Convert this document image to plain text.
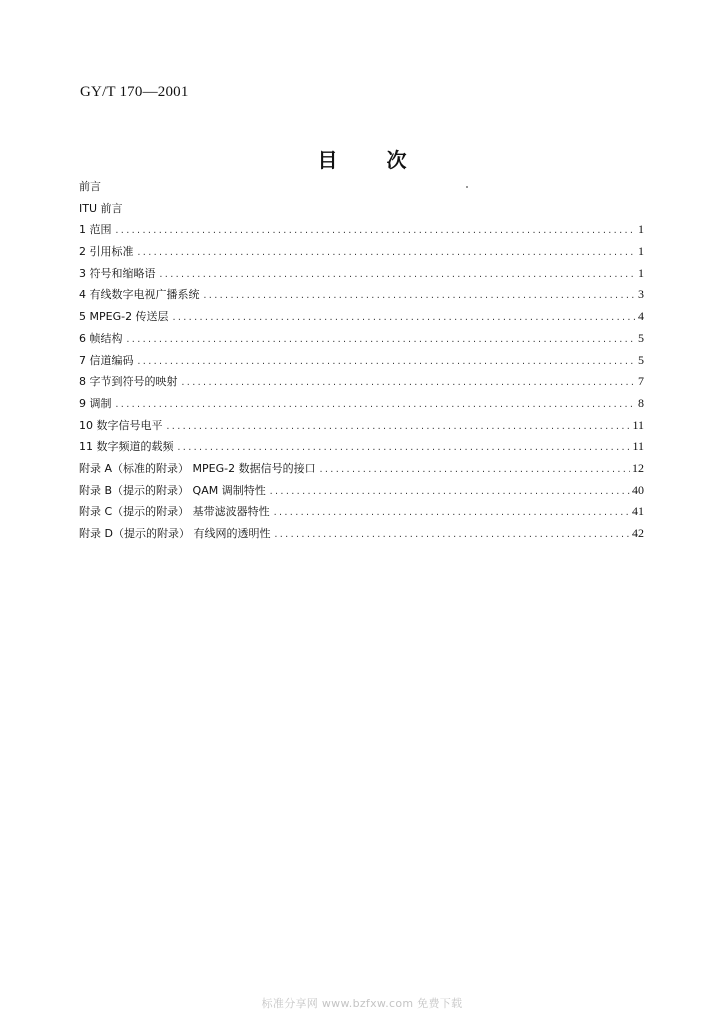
GY/T 170—2001
目 次
前言
ITU 前言
1 范围 .....	1
2 引用标准 .....	1
3 符号和缩略语 .....	1
4 有线数字电视广播系统 .....	3
5 MPEG-2 传送层 .....	4
6 帧结构 .....	5
7 信道编码 .....	5
8 字节到符号的映射 .....	7
9 调制 .....	8
10 数字信号电平 .....	11
11 数字频道的载频 .....	11
附录 A（标准的附录） MPEG-2 数据信号的接口 .....	12
附录 B（提示的附录） QAM 调制特性 .....	40
附录 C（提示的附录） 基带滤波器特性 .....	41
附录 D（提示的附录） 有线网的透明性 .....	42
标准分享网 www.bzfxw.com 免费下载
